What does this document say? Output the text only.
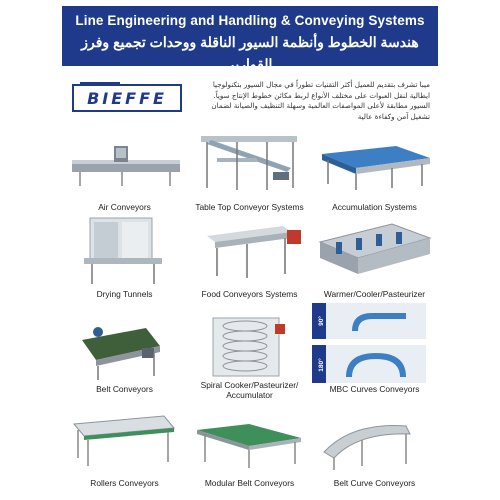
Line Engineering and Handling & Conveying Systems
هندسة الخطوط وأنظمة السيور الناقلة ووحدات تجميع وفرز القوارير
BIEFFE
ميبا تشرف بتقديم للعميل أكثر التقنيات تطوراً في مجال السيور بتكنولوجيا ايطالية لنقل العبوات على مختلف الأنواع لربط مكائن خطوط الإنتاج سوياً. السيور مطابقة لأعلى المواصفات العالمية وسهلة التنظيف والصيانة لضمان تشغيل آمن وكفاءة عالية
Air Conveyors	Table Top Conveyor Systems	Accumulation Systems
Drying Tunnels	Food Conveyors Systems	Warmer/Cooler/Pasteurizer
Belt Conveyors	Spiral Cooker/Pasteurizer/ Accumulator
90°
180°
MBC Curves Conveyors
Rollers Conveyors	Modular Belt Conveyors	Belt Curve Conveyors
